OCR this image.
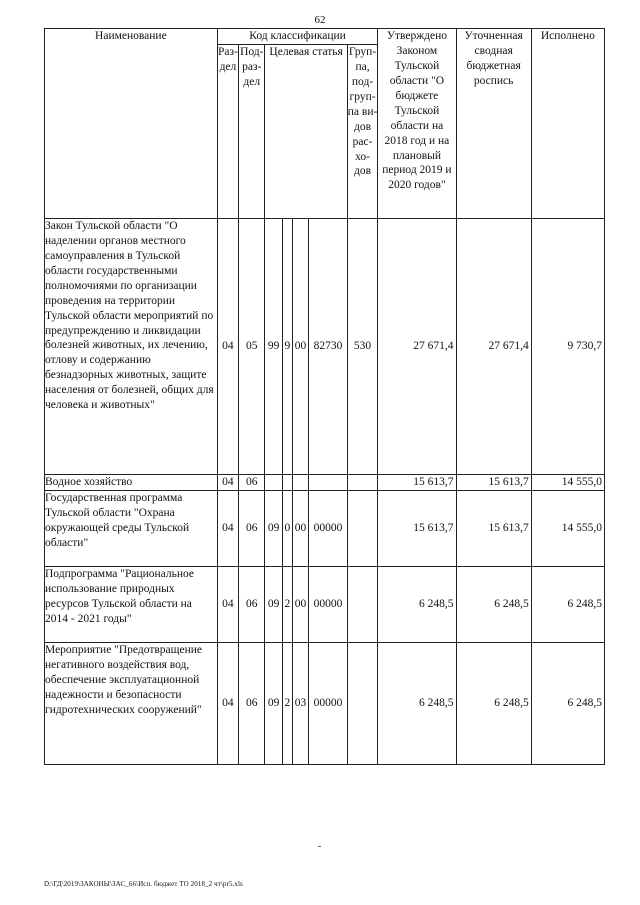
62
Наименование	Код классификации							Утверждено Законом Тульской области "О бюджете Тульской области на 2018 год и на плановый период 2019 и 2020 годов"	Уточненная сводная бюджетная роспись	Исполнено
	Раз-дел	Под-раз-дел	Целевая статья				Груп-па, под-груп-па ви-дов рас-хо-дов			
Закон Тульской области "О наделении органов местного самоуправления в Тульской области государственными полномочиями по организации проведения на территории Тульской области мероприятий по предупреждению и ликвидации болезней животных, их лечению, отлову и содержанию безнадзорных животных, защите населения от болезней, общих для человека и животных"	04	05	99	9	00	82730	530	27 671,4	27 671,4	9 730,7
Водное хозяйство	04	06						15 613,7	15 613,7	14 555,0
Государственная программа Тульской области "Охрана окружающей среды Тульской области"	04	06	09	0	00	00000		15 613,7	15 613,7	14 555,0
Подпрограмма "Рациональное использование природных ресурсов Тульской области на 2014 - 2021 годы"	04	06	09	2	00	00000		6 248,5	6 248,5	6 248,5
Мероприятие "Предотвращение негативного воздействия вод, обеспечение эксплуатационной надежности и безопасности гидротехнических сооружений"	04	06	09	2	03	00000		6 248,5	6 248,5	6 248,5
D:\ГД\2019\ЗАКОНЫ\ЗАС_66\Исп. бюджет ТО 2018_2 чт\pr5.xls
